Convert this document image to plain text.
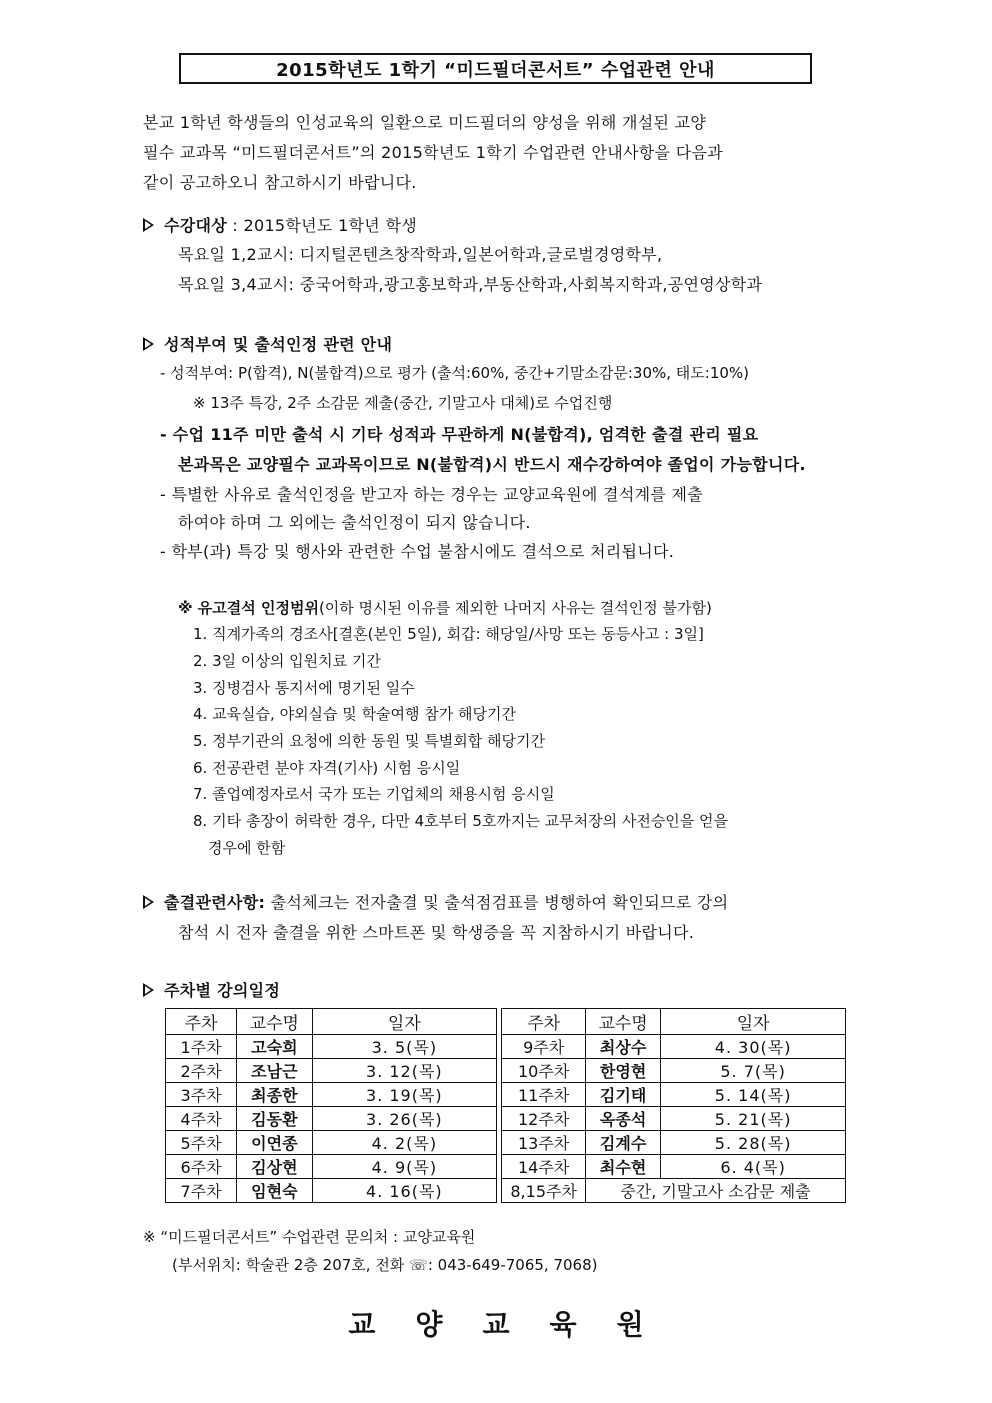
2015학년도 1학기 “미드필더콘서트” 수업관련 안내
본교 1학년 학생들의 인성교육의 일환으로 미드필더의 양성을 위해 개설된 교양
필수 교과목 “미드필더콘서트”의 2015학년도 1학기 수업관련 안내사항을 다음과
같이 공고하오니 참고하시기 바랍니다.
수강대상 : 2015학년도 1학년 학생
목요일 1,2교시: 디지털콘텐츠창작학과,일본어학과,글로벌경영학부,
목요일 3,4교시: 중국어학과,광고홍보학과,부동산학과,사회복지학과,공연영상학과
성적부여 및 출석인정 관련 안내
- 성적부여: P(합격), N(불합격)으로 평가 (출석:60%, 중간+기말소감문:30%, 태도:10%)
※ 13주 특강, 2주 소감문 제출(중간, 기말고사 대체)로 수업진행
- 수업 11주 미만 출석 시 기타 성적과 무관하게 N(불합격), 엄격한 출결 관리 필요
본과목은 교양필수 교과목이므로 N(불합격)시 반드시 재수강하여야 졸업이 가능합니다.
- 특별한 사유로 출석인정을 받고자 하는 경우는 교양교육원에 결석계를 제출
하여야 하며 그 외에는 출석인정이 되지 않습니다.
- 학부(과) 특강 및 행사와 관련한 수업 불참시에도 결석으로 처리됩니다.
※ 유고결석 인정범위(이하 명시된 이유를 제외한 나머지 사유는 결석인정 불가함)
1. 직계가족의 경조사[결혼(본인 5일), 회갑: 해당일/사망 또는 동등사고 : 3일]
2. 3일 이상의 입원치료 기간
3. 징병검사 통지서에 명기된 일수
4. 교육실습, 야외실습 및 학술여행 참가 해당기간
5. 정부기관의 요청에 의한 동원 및 특별회합 해당기간
6. 전공관련 분야 자격(기사) 시험 응시일
7. 졸업예정자로서 국가 또는 기업체의 채용시험 응시일
8. 기타 총장이 허락한 경우, 다만 4호부터 5호까지는 교무처장의 사전승인을 얻을
경우에 한함
출결관련사항: 출석체크는 전자출결 및 출석점검표를 병행하여 확인되므로 강의
참석 시 전자 출결을 위한 스마트폰 및 학생증을 꼭 지참하시기 바랍니다.
주차별 강의일정
주차	교수명	일자		주차	교수명	일자
1주차	고숙희	3. 5(목)		9주차	최상수	4. 30(목)
2주차	조남근	3. 12(목)		10주차	한영현	5. 7(목)
3주차	최종한	3. 19(목)		11주차	김기태	5. 14(목)
4주차	김동환	3. 26(목)		12주차	옥종석	5. 21(목)
5주차	이연종	4. 2(목)		13주차	김계수	5. 28(목)
6주차	김상현	4. 9(목)		14주차	최수현	6. 4(목)
7주차	임현숙	4. 16(목)		8,15주차	중간, 기말고사 소감문 제출	
※ “미드필더콘서트” 수업관련 문의처 : 교양교육원
(부서위치: 학술관 2층 207호, 전화 ☏: 043-649-7065, 7068)
교양교육원
